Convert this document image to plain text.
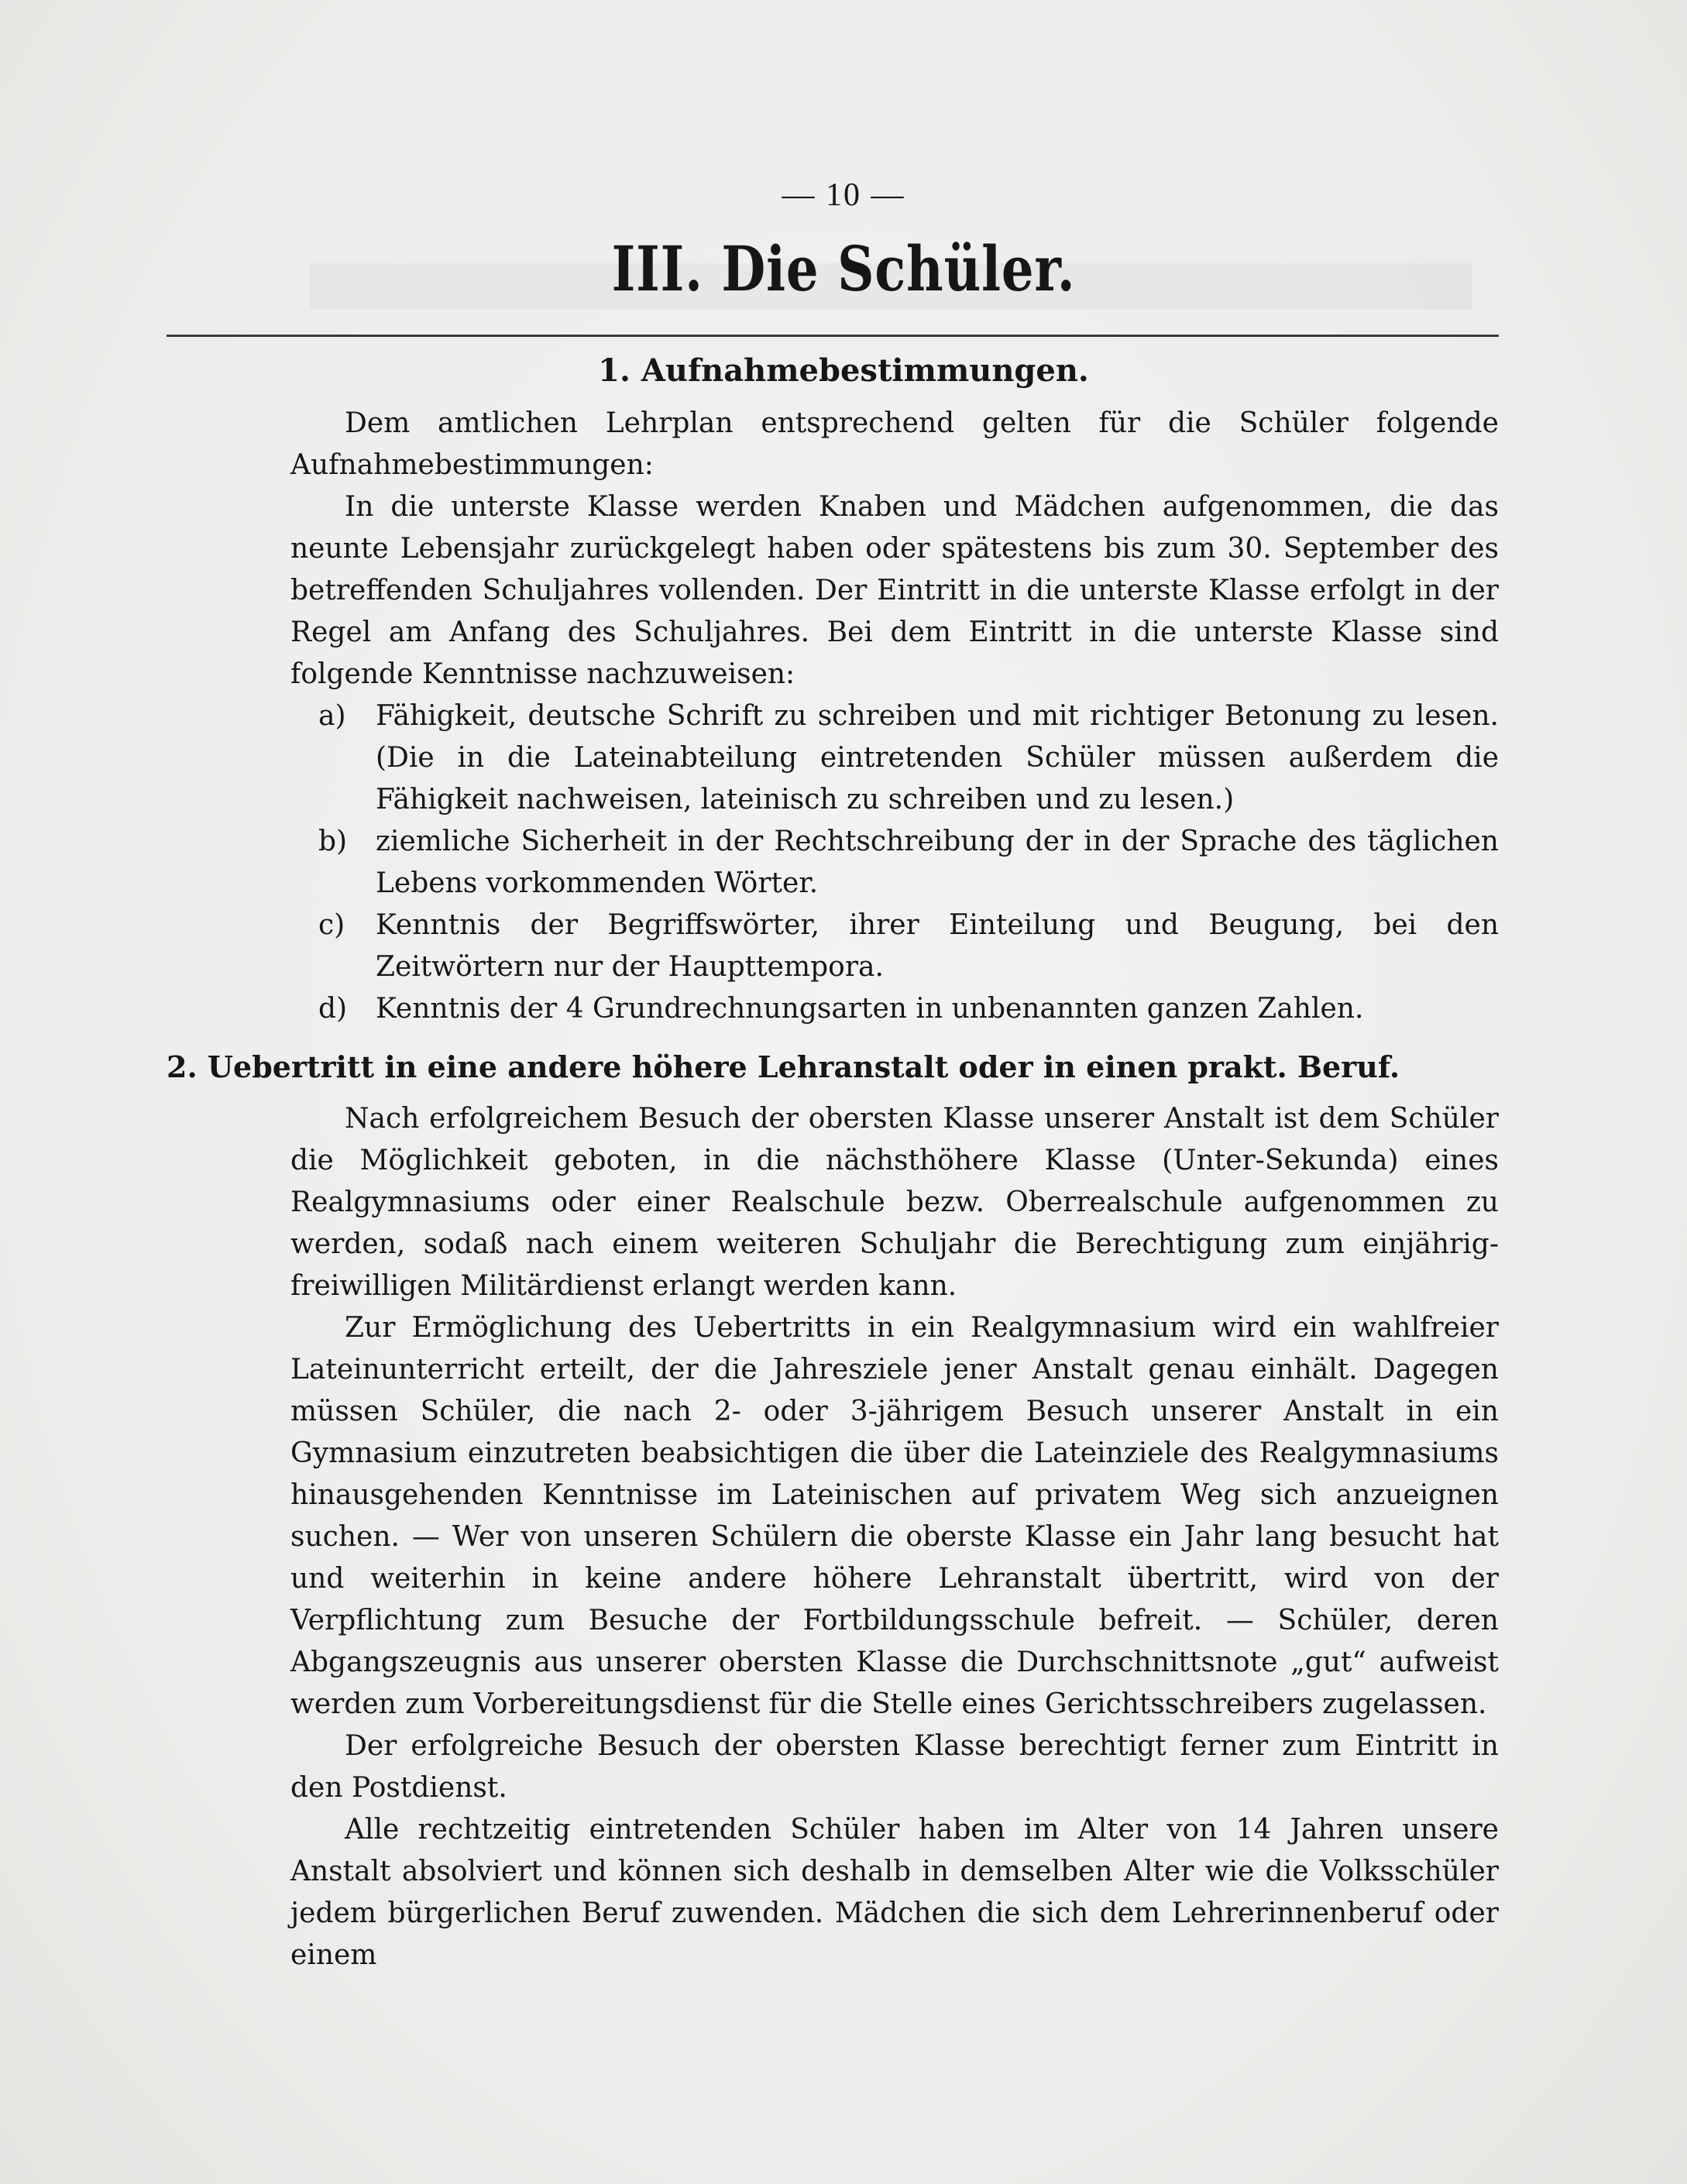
— 10 —
III. Die Schüler.
1. Aufnahmebestimmungen.

Dem amtlichen Lehrplan entsprechend gelten für die Schüler folgende Aufnahmebestimmungen:

In die unterste Klasse werden Knaben und Mädchen aufgenommen, die das neunte Lebensjahr zurückgelegt haben oder spätestens bis zum 30. September des betreffenden Schuljahres vollenden. Der Eintritt in die unterste Klasse erfolgt in der Regel am Anfang des Schuljahres. Bei dem Eintritt in die unterste Klasse sind folgende Kenntnisse nachzuweisen:

a) Fähigkeit, deutsche Schrift zu schreiben und mit richtiger Betonung zu lesen. (Die in die Lateinabteilung eintretenden Schüler müssen außerdem die Fähigkeit nachweisen, lateinisch zu schreiben und zu lesen.)

b) ziemliche Sicherheit in der Rechtschreibung der in der Sprache des täglichen Lebens vorkommenden Wörter.

c) Kenntnis der Begriffswörter, ihrer Einteilung und Beugung, bei den Zeitwörtern nur der Haupttempora.

d) Kenntnis der 4 Grundrechnungsarten in unbenannten ganzen Zahlen.

2. Uebertritt in eine andere höhere Lehranstalt oder in einen prakt. Beruf.

Nach erfolgreichem Besuch der obersten Klasse unserer Anstalt ist dem Schüler die Möglichkeit geboten, in die nächsthöhere Klasse (Unter-Sekunda) eines Realgymnasiums oder einer Realschule bezw. Oberrealschule aufgenommen zu werden, sodaß nach einem weiteren Schuljahr die Berechtigung zum einjährig-freiwilligen Militärdienst erlangt werden kann.

Zur Ermöglichung des Uebertritts in ein Realgymnasium wird ein wahlfreier Lateinunterricht erteilt, der die Jahresziele jener Anstalt genau einhält. Dagegen müssen Schüler, die nach 2- oder 3-jährigem Besuch unserer Anstalt in ein Gymnasium einzutreten beabsichtigen die über die Lateinziele des Realgymnasiums hinausgehenden Kenntnisse im Lateinischen auf privatem Weg sich anzueignen suchen. — Wer von unseren Schülern die oberste Klasse ein Jahr lang besucht hat und weiterhin in keine andere höhere Lehranstalt übertritt, wird von der Verpflichtung zum Besuche der Fortbildungsschule befreit. — Schüler, deren Abgangszeugnis aus unserer obersten Klasse die Durchschnittsnote „gut“ aufweist werden zum Vorbereitungsdienst für die Stelle eines Gerichtsschreibers zugelassen.

Der erfolgreiche Besuch der obersten Klasse berechtigt ferner zum Eintritt in den Postdienst.

Alle rechtzeitig eintretenden Schüler haben im Alter von 14 Jahren unsere Anstalt absolviert und können sich deshalb in demselben Alter wie die Volksschüler jedem bürgerlichen Beruf zuwenden. Mädchen die sich dem Lehrerinnenberuf oder einem
